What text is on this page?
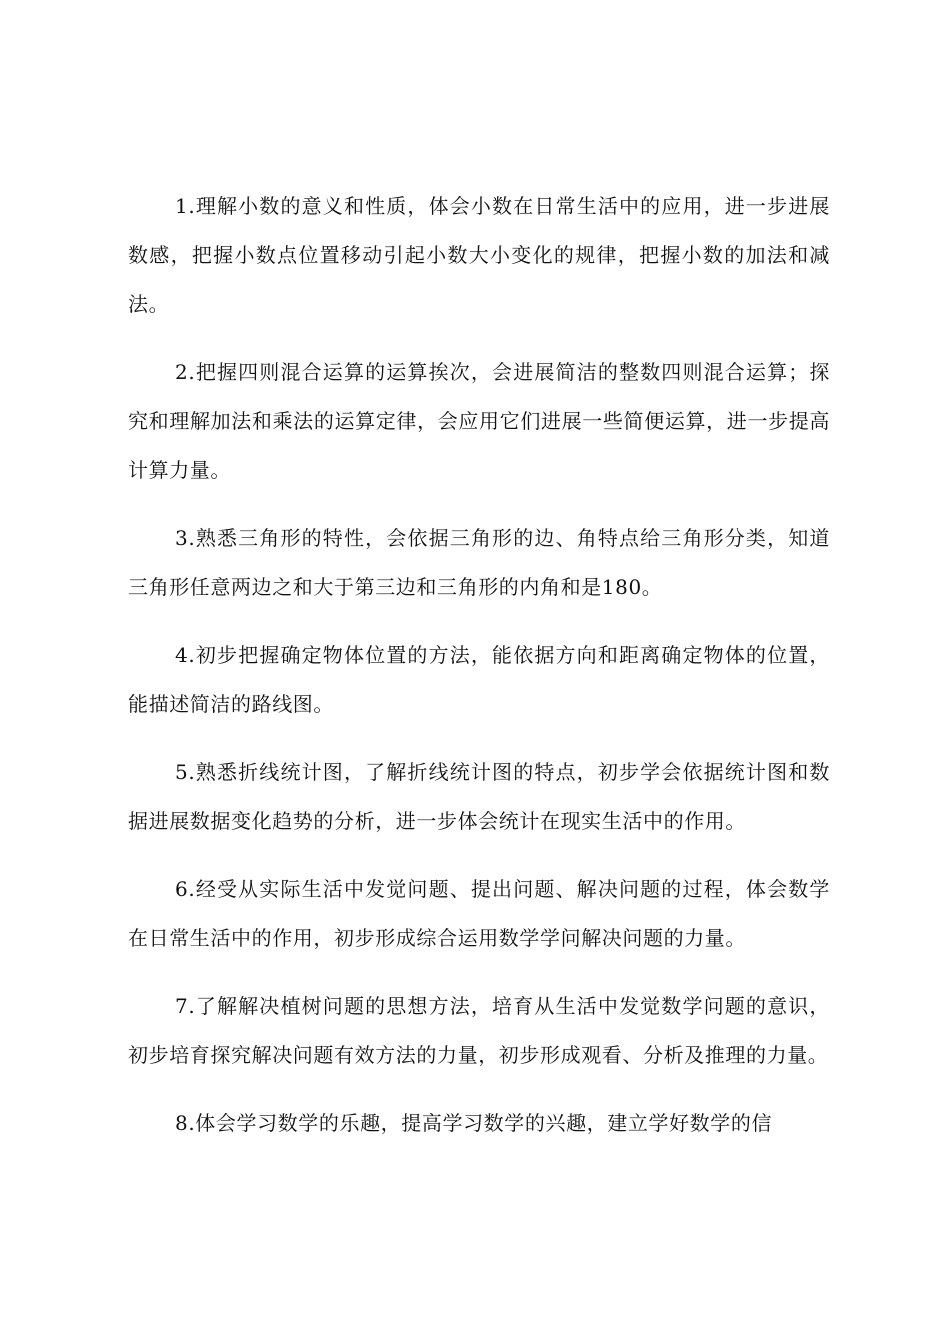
1.理解小数的意义和性质，体会小数在日常生活中的应用，进一步进展数感，把握小数点位置移动引起小数大小变化的规律，把握小数的加法和减法。

2.把握四则混合运算的运算挨次，会进展简洁的整数四则混合运算；探究和理解加法和乘法的运算定律，会应用它们进展一些简便运算，进一步提高计算力量。

3.熟悉三角形的特性，会依据三角形的边、角特点给三角形分类，知道三角形任意两边之和大于第三边和三角形的内角和是180。

4.初步把握确定物体位置的方法，能依据方向和距离确定物体的位置，能描述简洁的路线图。

5.熟悉折线统计图，了解折线统计图的特点，初步学会依据统计图和数据进展数据变化趋势的分析，进一步体会统计在现实生活中的作用。

6.经受从实际生活中发觉问题、提出问题、解决问题的过程，体会数学在日常生活中的作用，初步形成综合运用数学学问解决问题的力量。

7.了解解决植树问题的思想方法，培育从生活中发觉数学问题的意识，初步培育探究解决问题有效方法的力量，初步形成观看、分析及推理的力量。

8.体会学习数学的乐趣，提高学习数学的兴趣，建立学好数学的信
